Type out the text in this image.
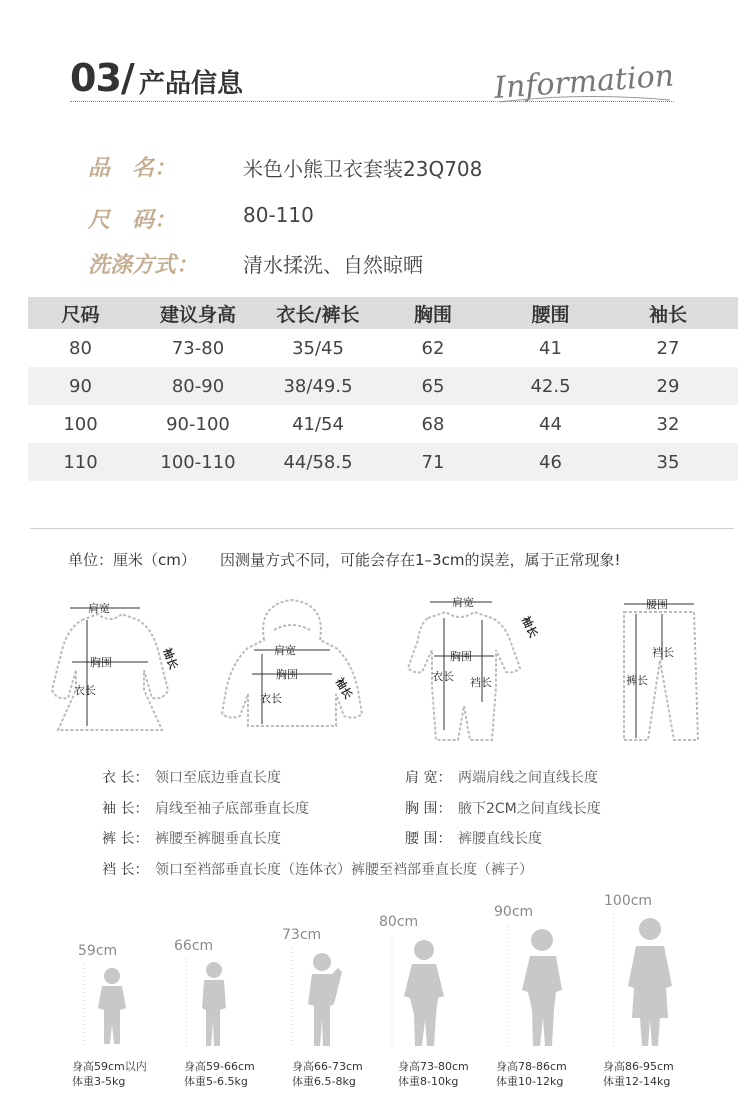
03/ 产品信息	Information
品　名：	米色小熊卫衣套装23Q708
尺　码：	80-110
洗涤方式： 清水揉洗、自然晾晒
尺码	建议身高	衣长/裤长	胸围	腰围	袖长
80	73-80	35/45	62	41	27
90	80-90	38/49.5	65	42.5	29
100	90-100	41/54	68	44	32
110	100-110	44/58.5	71	46	35
单位：厘米（cm） 因测量方式不同，可能会存在1–3cm的误差，属于正常现象!
肩宽
胸围
衣长
袖长	肩宽
胸围
衣长	袖长
肩宽
胸围
衣长 裆长
袖长
腰围
裆长
裤长
衣 长： 领口至底边垂直长度	肩 宽： 两端肩线之间直线长度
袖 长： 肩线至袖子底部垂直长度	胸 围： 腋下2CM之间直线长度
裤 长： 裤腰至裤腿垂直长度	腰 围： 裤腰直线长度
裆 长： 领口至裆部垂直长度（连体衣）裤腰至裆部垂直长度（裤子）
59cm
身高59cm以内
体重3-5kg
66cm
身高59-66cm
体重5-6.5kg
73cm
身高66-73cm
体重6.5-8kg
80cm
身高73-80cm
体重8-10kg
90cm
身高78-86cm
体重10-12kg
100cm
身高86-95cm
体重12-14kg
